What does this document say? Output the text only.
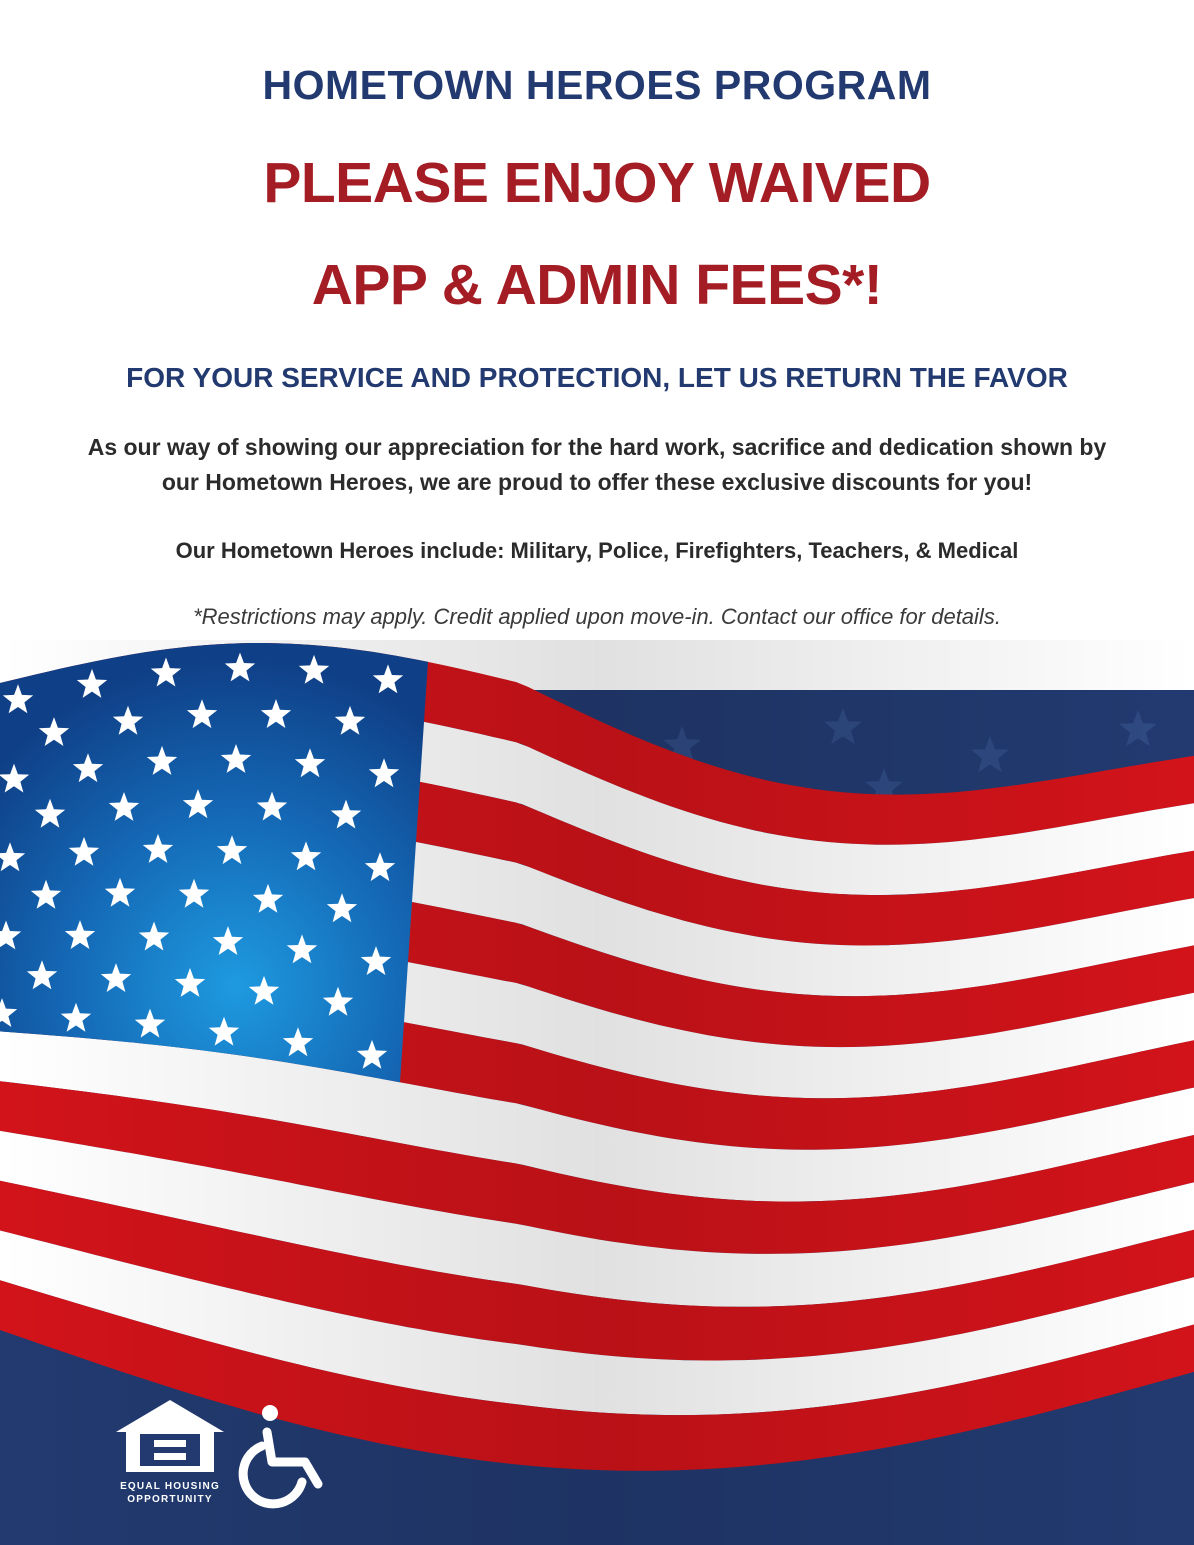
HOMETOWN HEROES PROGRAM
PLEASE ENJOY WAIVED
APP & ADMIN FEES*!
FOR YOUR SERVICE AND PROTECTION, LET US RETURN THE FAVOR
As our way of showing our appreciation for the hard work, sacrifice and dedication shown by
our Hometown Heroes, we are proud to offer these exclusive discounts for you!
Our Hometown Heroes include: Military, Police, Firefighters, Teachers, & Medical
*Restrictions may apply. Credit applied upon move-in. Contact our office for details.
EQUAL HOUSING
OPPORTUNITY
